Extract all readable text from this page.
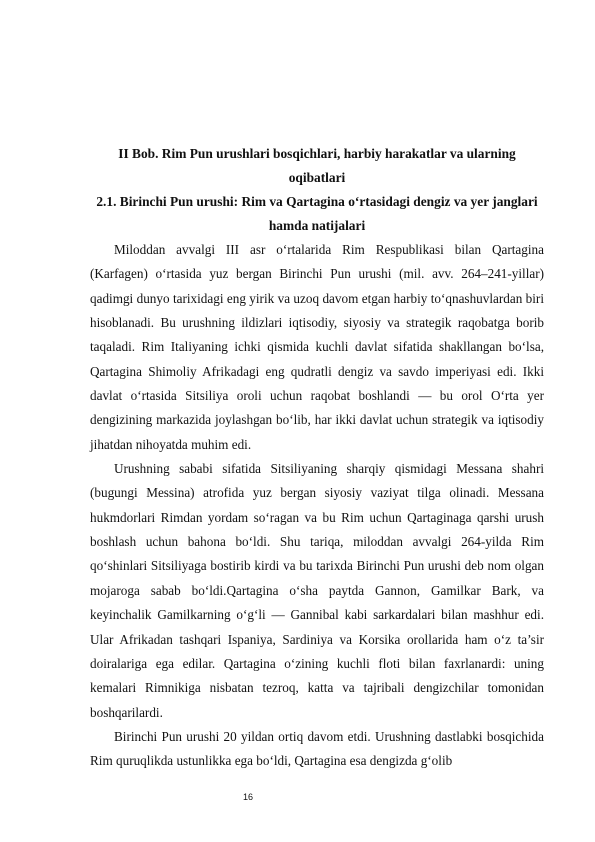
II Bob. Rim Pun urushlari bosqichlari, harbiy harakatlar va ularning oqibatlari

2.1. Birinchi Pun urushi: Rim va Qartagina o‘rtasidagi dengiz va yer janglari hamda natijalari

Miloddan avvalgi III asr o‘rtalarida Rim Respublikasi bilan Qartagina (Karfagen) o‘rtasida yuz bergan Birinchi Pun urushi (mil. avv. 264–241-yillar) qadimgi dunyo tarixidagi eng yirik va uzoq davom etgan harbiy to‘qnashuvlardan biri hisoblanadi. Bu urushning ildizlari iqtisodiy, siyosiy va strategik raqobatga borib taqaladi. Rim Italiyaning ichki qismida kuchli davlat sifatida shakllangan bo‘lsa, Qartagina Shimoliy Afrikadagi eng qudratli dengiz va savdo imperiyasi edi. Ikki davlat o‘rtasida Sitsiliya oroli uchun raqobat boshlandi — bu orol O‘rta yer dengizining markazida joylashgan bo‘lib, har ikki davlat uchun strategik va iqtisodiy jihatdan nihoyatda muhim edi.

Urushning sababi sifatida Sitsiliyaning sharqiy qismidagi Messana shahri (bugungi Messina) atrofida yuz bergan siyosiy vaziyat tilga olinadi. Messana hukmdorlari Rimdan yordam so‘ragan va bu Rim uchun Qartaginaga qarshi urush boshlash uchun bahona bo‘ldi. Shu tariqa, miloddan avvalgi 264-yilda Rim qo‘shinlari Sitsiliyaga bostirib kirdi va bu tarixda Birinchi Pun urushi deb nom olgan mojaroga sabab bo‘ldi.Qartagina o‘sha paytda Gannon, Gamilkar Bark, va keyinchalik Gamilkarning o‘g‘li — Gannibal kabi sarkardalari bilan mashhur edi. Ular Afrikadan tashqari Ispaniya, Sardiniya va Korsika orollarida ham o‘z ta’sir doiralariga ega edilar. Qartagina o‘zining kuchli floti bilan faxrlanardi: uning kemalari Rimnikiga nisbatan tezroq, katta va tajribali dengizchilar tomonidan boshqarilardi.

Birinchi Pun urushi 20 yildan ortiq davom etdi. Urushning dastlabki bosqichida Rim quruqlikda ustunlikka ega bo‘ldi, Qartagina esa dengizda g‘olib

16
